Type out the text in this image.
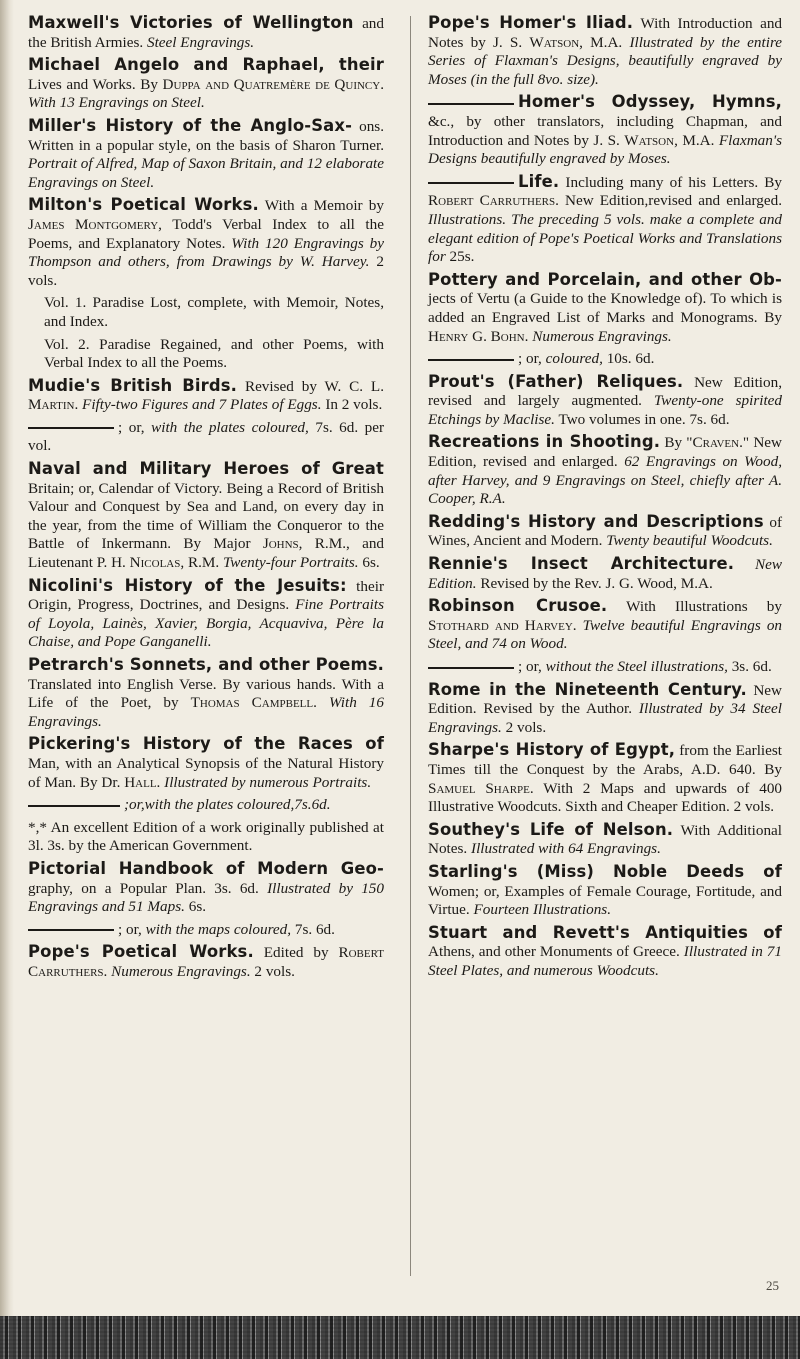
Maxwell's Victories of Wellington and the British Armies. Steel Engravings.

Michael Angelo and Raphael, their Lives and Works. By Duppa and Quatremère de Quincy. With 13 Engravings on Steel.

Miller's History of the Anglo-Sax- ons. Written in a popular style, on the basis of Sharon Turner. Portrait of Alfred, Map of Saxon Britain, and 12 elaborate Engravings on Steel.

Milton's Poetical Works. With a Memoir by James Montgomery, Todd's Verbal Index to all the Poems, and Explanatory Notes. With 120 Engravings by Thompson and others, from Drawings by W. Harvey. 2 vols.

Vol. 1. Paradise Lost, complete, with Memoir, Notes, and Index.

Vol. 2. Paradise Regained, and other Poems, with Verbal Index to all the Poems.

Mudie's British Birds. Revised by W. C. L. Martin. Fifty-two Figures and 7 Plates of Eggs. In 2 vols.

; or, with the plates coloured, 7s. 6d. per vol.

Naval and Military Heroes of Great Britain; or, Calendar of Victory. Being a Record of British Valour and Conquest by Sea and Land, on every day in the year, from the time of William the Conqueror to the Battle of Inkermann. By Major Johns, R.M., and Lieutenant P. H. Nicolas, R.M. Twenty-four Portraits. 6s.

Nicolini's History of the Jesuits: their Origin, Progress, Doctrines, and Designs. Fine Portraits of Loyola, Lainès, Xavier, Borgia, Acquaviva, Père la Chaise, and Pope Ganganelli.

Petrarch's Sonnets, and other Poems. Translated into English Verse. By various hands. With a Life of the Poet, by Thomas Campbell. With 16 Engravings.

Pickering's History of the Races of Man, with an Analytical Synopsis of the Natural History of Man. By Dr. Hall. Illustrated by numerous Portraits.

;or,with the plates coloured,7s.6d.

*,* An excellent Edition of a work originally published at 3l. 3s. by the American Government.

Pictorial Handbook of Modern Geo- graphy, on a Popular Plan. 3s. 6d. Illustrated by 150 Engravings and 51 Maps. 6s.

; or, with the maps coloured, 7s. 6d.

Pope's Poetical Works. Edited by Robert Carruthers. Numerous Engravings. 2 vols.

Pope's Homer's Iliad. With Introduction and Notes by J. S. Watson, M.A. Illustrated by the entire Series of Flaxman's Designs, beautifully engraved by Moses (in the full 8vo. size).

Homer's Odyssey, Hymns, &c., by other translators, including Chapman, and Introduction and Notes by J. S. Watson, M.A. Flaxman's Designs beautifully engraved by Moses.

Life. Including many of his Letters. By Robert Carruthers. New Edition,revised and enlarged. Illustrations. The preceding 5 vols. make a complete and elegant edition of Pope's Poetical Works and Translations for 25s.

Pottery and Porcelain, and other Ob- jects of Vertu (a Guide to the Knowledge of). To which is added an Engraved List of Marks and Monograms. By Henry G. Bohn. Numerous Engravings.

; or, coloured, 10s. 6d.

Prout's (Father) Reliques. New Edition, revised and largely augmented. Twenty-one spirited Etchings by Maclise. Two volumes in one. 7s. 6d.

Recreations in Shooting. By "Craven." New Edition, revised and enlarged. 62 Engravings on Wood, after Harvey, and 9 Engravings on Steel, chiefly after A. Cooper, R.A.

Redding's History and Descriptions of Wines, Ancient and Modern. Twenty beautiful Woodcuts.

Rennie's Insect Architecture. New Edition. Revised by the Rev. J. G. Wood, M.A.

Robinson Crusoe. With Illustrations by Stothard and Harvey. Twelve beautiful Engravings on Steel, and 74 on Wood.

; or, without the Steel illustrations, 3s. 6d.

Rome in the Nineteenth Century. New Edition. Revised by the Author. Illustrated by 34 Steel Engravings. 2 vols.

Sharpe's History of Egypt, from the Earliest Times till the Conquest by the Arabs, A.D. 640. By Samuel Sharpe. With 2 Maps and upwards of 400 Illustrative Woodcuts. Sixth and Cheaper Edition. 2 vols.

Southey's Life of Nelson. With Additional Notes. Illustrated with 64 Engravings.

Starling's (Miss) Noble Deeds of Women; or, Examples of Female Courage, Fortitude, and Virtue. Fourteen Illustrations.

Stuart and Revett's Antiquities of Athens, and other Monuments of Greece. Illustrated in 71 Steel Plates, and numerous Woodcuts.

25
